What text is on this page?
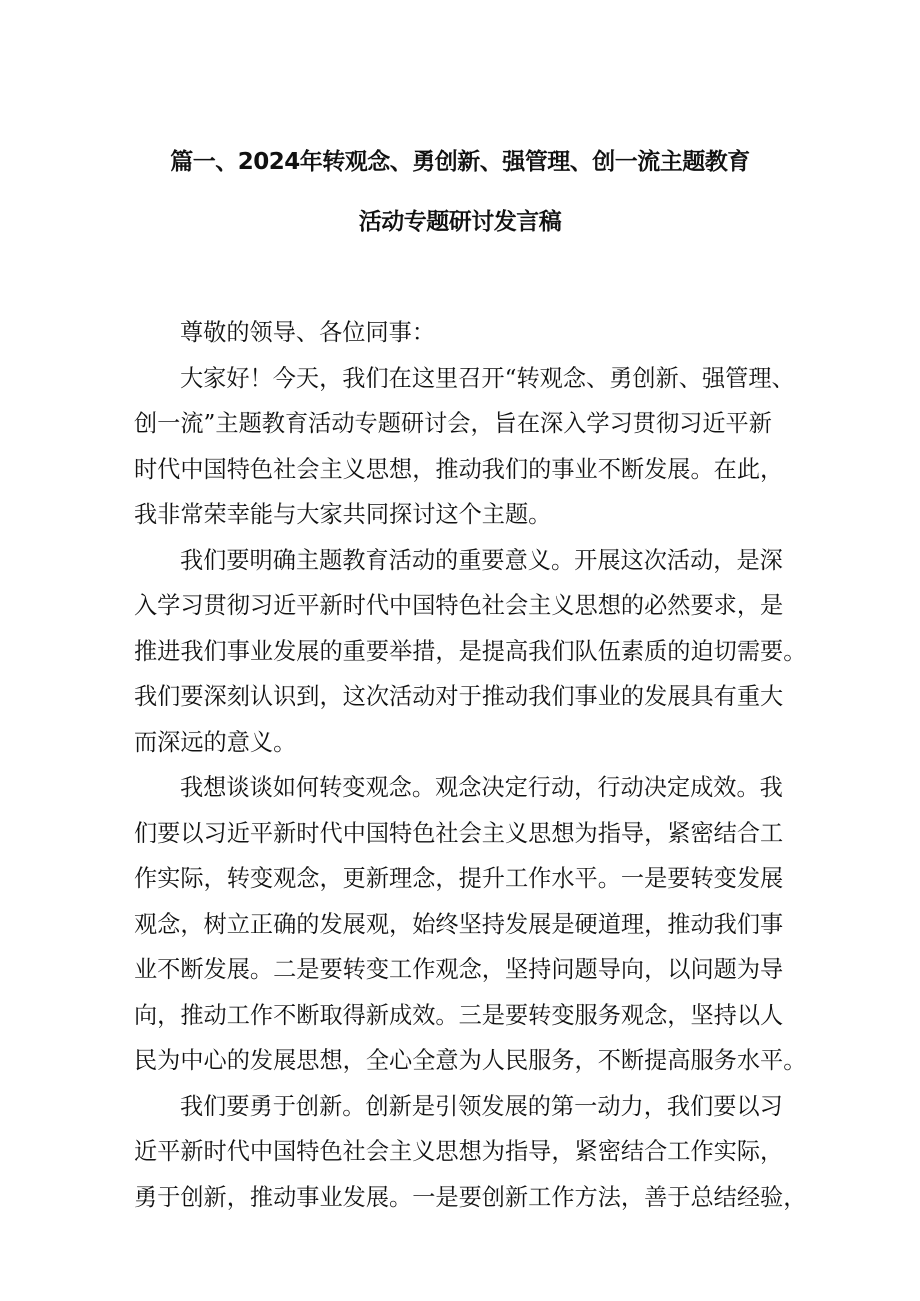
篇一、2024年转观念、勇创新、强管理、创一流主题教育
活动专题研讨发言稿
尊敬的领导、各位同事：
大家好！今天，我们在这里召开“转观念、勇创新、强管理、
创一流”主题教育活动专题研讨会，旨在深入学习贯彻习近平新
时代中国特色社会主义思想，推动我们的事业不断发展。在此，
我非常荣幸能与大家共同探讨这个主题。
我们要明确主题教育活动的重要意义。开展这次活动，是深
入学习贯彻习近平新时代中国特色社会主义思想的必然要求，是
推进我们事业发展的重要举措，是提高我们队伍素质的迫切需要。
我们要深刻认识到，这次活动对于推动我们事业的发展具有重大
而深远的意义。
我想谈谈如何转变观念。观念决定行动，行动决定成效。我
们要以习近平新时代中国特色社会主义思想为指导，紧密结合工
作实际，转变观念，更新理念，提升工作水平。一是要转变发展
观念，树立正确的发展观，始终坚持发展是硬道理，推动我们事
业不断发展。二是要转变工作观念，坚持问题导向，以问题为导
向，推动工作不断取得新成效。三是要转变服务观念，坚持以人
民为中心的发展思想，全心全意为人民服务，不断提高服务水平。
我们要勇于创新。创新是引领发展的第一动力，我们要以习
近平新时代中国特色社会主义思想为指导，紧密结合工作实际，
勇于创新，推动事业发展。一是要创新工作方法，善于总结经验，
